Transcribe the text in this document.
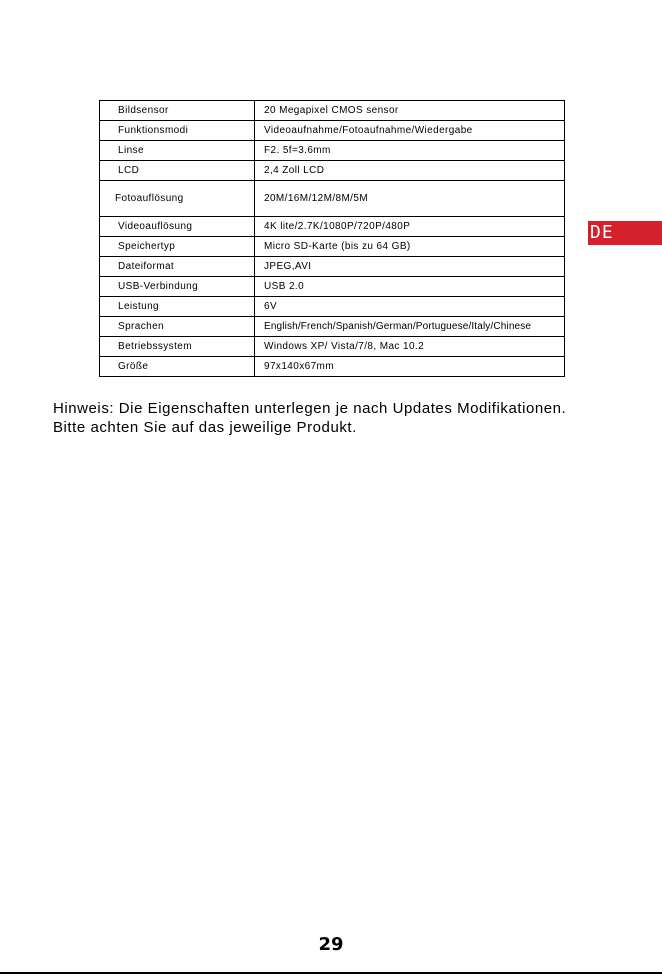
Bildsensor	20 Megapixel CMOS sensor
Funktionsmodi	Videoaufnahme/Fotoaufnahme/Wiedergabe
Linse	F2. 5f=3.6mm
LCD	2,4 Zoll LCD
Fotoauflösung	20M/16M/12M/8M/5M
Videoauflösung	4K lite/2.7K/1080P/720P/480P
Speichertyp	Micro SD-Karte (bis zu 64 GB)
Dateiformat	JPEG,AVI
USB-Verbindung	USB 2.0
Leistung	6V
Sprachen	English/French/Spanish/German/Portuguese/Italy/Chinese
Betriebssystem	Windows XP/ Vista/7/8, Mac 10.2
Größe	97x140x67mm
DE

Hinweis: Die Eigenschaften unterlegen je nach Updates Modifikationen.
Bitte achten Sie auf das jeweilige Produkt.

29
